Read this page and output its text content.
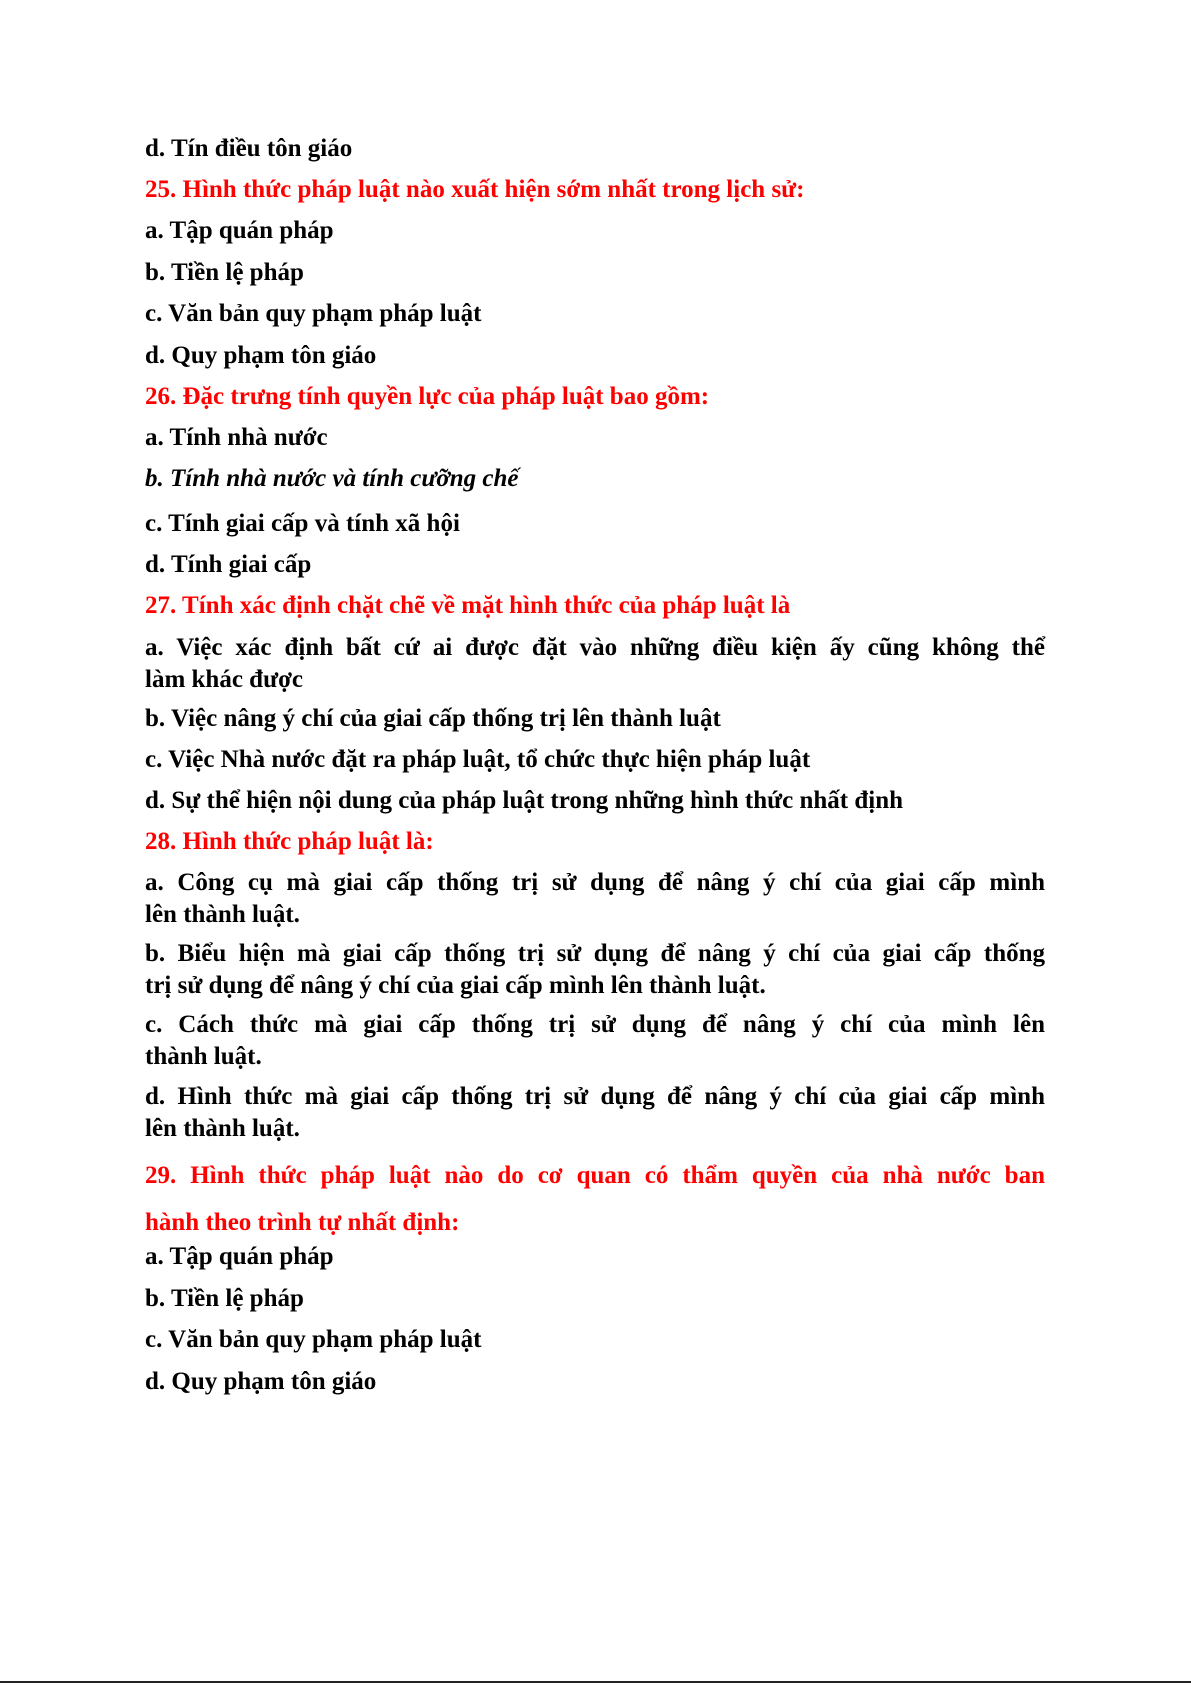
d. Tín điều tôn giáo
25. Hình thức pháp luật nào xuất hiện sớm nhất trong lịch sử:
a. Tập quán pháp
b. Tiền lệ pháp
c. Văn bản quy phạm pháp luật
d. Quy phạm tôn giáo
26. Đặc trưng tính quyền lực của pháp luật bao gồm:
a. Tính nhà nước
b. Tính nhà nước và tính cưỡng chế
c. Tính giai cấp và tính xã hội
d. Tính giai cấp
27. Tính xác định chặt chẽ về mặt hình thức của pháp luật là
a. Việc xác định bất cứ ai được đặt vào những điều kiện ấy cũng không thể
làm khác được
b. Việc nâng ý chí của giai cấp thống trị lên thành luật
c. Việc Nhà nước đặt ra pháp luật, tổ chức thực hiện pháp luật
d. Sự thể hiện nội dung của pháp luật trong những hình thức nhất định
28. Hình thức pháp luật là:
a. Công cụ mà giai cấp thống trị sử dụng để nâng ý chí của giai cấp mình
lên thành luật.
b. Biểu hiện mà giai cấp thống trị sử dụng để nâng ý chí của giai cấp thống
trị sử dụng để nâng ý chí của giai cấp mình lên thành luật.
c. Cách thức mà giai cấp thống trị sử dụng để nâng ý chí của mình lên
thành luật.
d. Hình thức mà giai cấp thống trị sử dụng để nâng ý chí của giai cấp mình
lên thành luật.
29. Hình thức pháp luật nào do cơ quan có thẩm quyền của nhà nước ban
hành theo trình tự nhất định:
a. Tập quán pháp
b. Tiền lệ pháp
c. Văn bản quy phạm pháp luật
d. Quy phạm tôn giáo
